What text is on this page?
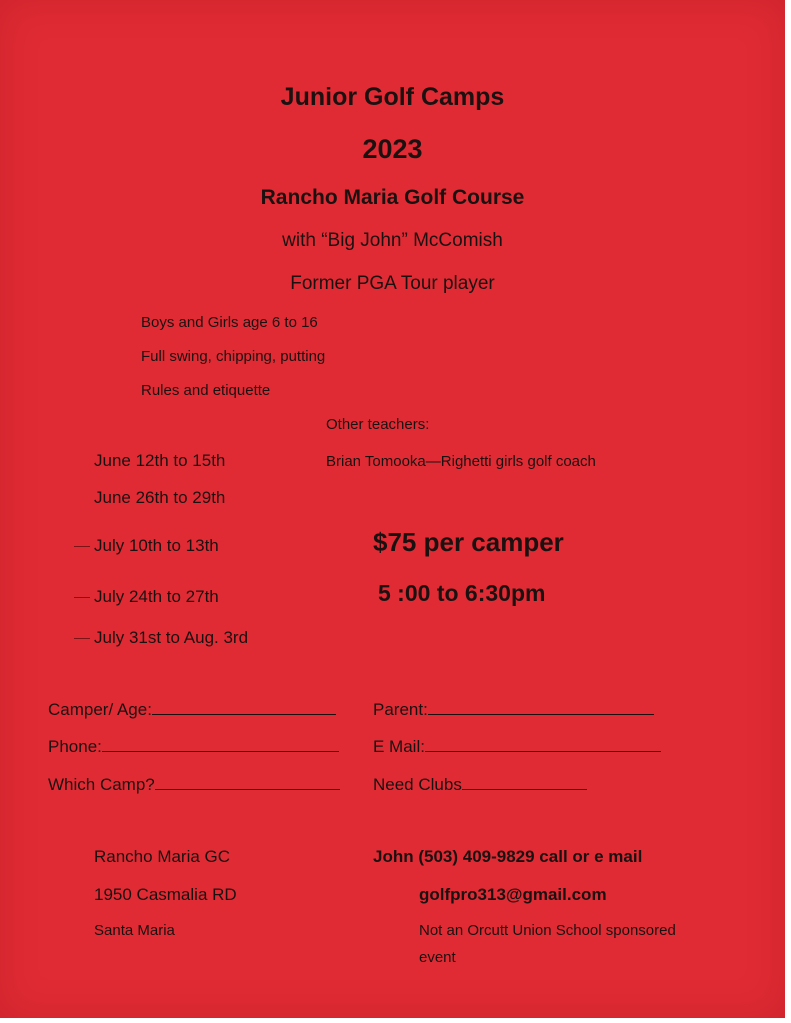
Junior Golf Camps
2023
Rancho Maria Golf Course
with “Big John” McComish
Former PGA Tour player
Boys and Girls age 6 to 16
Full swing, chipping, putting
Rules and etiquette
Other teachers:
Brian Tomooka—Righetti girls golf coach
June 12th to 15th
June 26th to 29th
July 10th to 13th
July 24th to 27th
July 31st to Aug. 3rd
$75 per camper
5 :00 to 6:30pm
Camper/ Age:	Parent:
Phone:	E Mail:
Which Camp?	Need Clubs
Rancho Maria GC
1950 Casmalia RD
Santa Maria
John (503) 409-9829 call or e mail
golfpro313@gmail.com
Not an Orcutt Union School sponsored
event
